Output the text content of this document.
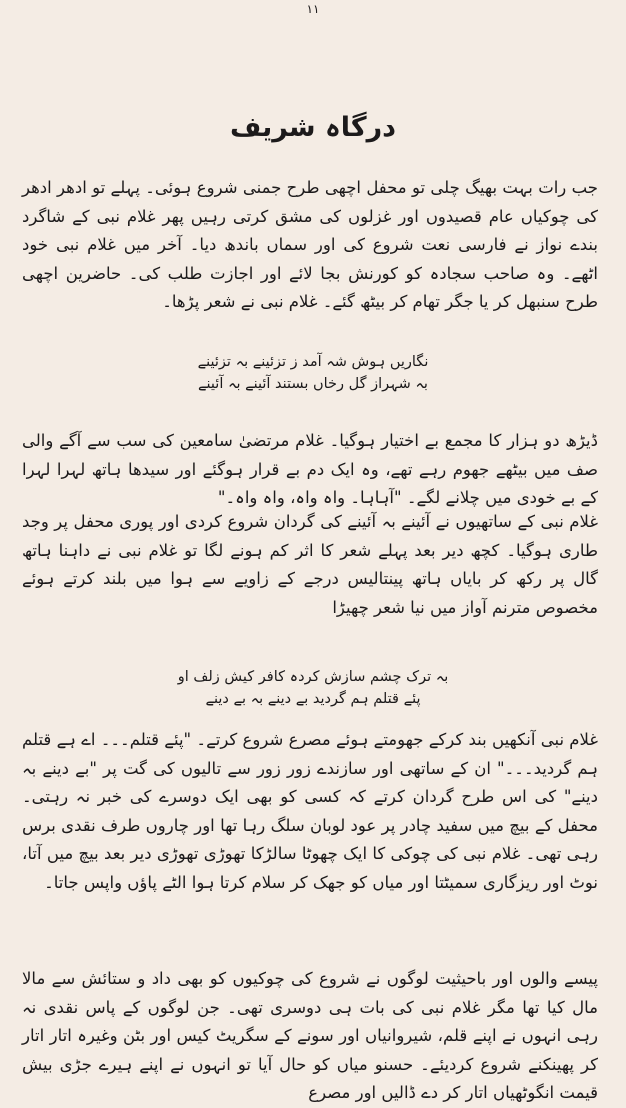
۱۱
درگاہ شریف

جب رات بہت بھیگ چلی تو محفل اچھی طرح جمنی شروع ہوئی۔ پہلے تو ادھر ادھر کی چوکیاں عام قصیدوں اور غزلوں کی مشق کرتی رہیں پھر غلام نبی کے شاگرد بندے نواز نے فارسی نعت شروع کی اور سماں باندھ دیا۔ آخر میں غلام نبی خود اٹھے۔ وہ صاحب سجادہ کو کورنش بجا لائے اور اجازت طلب کی۔ حاضرین اچھی طرح سنبھل کر یا جگر تھام کر بیٹھ گئے۔ غلام نبی نے شعر پڑھا۔

نگاریں ہوش شہ آمد ز تزئینے بہ تزئینے
بہ شہراز گل رخاں بستند آئینے بہ آئینے

ڈیڑھ دو ہزار کا مجمع بے اختیار ہوگیا۔ غلام مرتضیٰ سامعین کی سب سے آگے والی صف میں بیٹھے جھوم رہے تھے، وہ ایک دم بے قرار ہوگئے اور سیدھا ہاتھ لہرا لہرا کے بے خودی میں چلانے لگے۔ "آہاہا۔ واہ واہ، واہ واہ۔"

غلام نبی کے ساتھیوں نے آئینے بہ آئینے کی گردان شروع کردی اور پوری محفل پر وجد طاری ہوگیا۔ کچھ دیر بعد پہلے شعر کا اثر کم ہونے لگا تو غلام نبی نے داہنا ہاتھ گال پر رکھ کر بایاں ہاتھ پینتالیس درجے کے زاویے سے ہوا میں بلند کرتے ہوئے مخصوص مترنم آواز میں نیا شعر چھیڑا

بہ ترک چشم سازش کردہ کافر کیش زلف او
پئے قتلم ہم گردید بے دینے بہ بے دینے

غلام نبی آنکھیں بند کرکے جھومتے ہوئے مصرع شروع کرتے۔ "پئے قتلم۔۔۔ اے ہے قتلم ہم گردید۔۔۔" ان کے ساتھی اور سازندے زور زور سے تالیوں کی گت پر "بے دینے بہ دینے" کی اس طرح گردان کرتے کہ کسی کو بھی ایک دوسرے کی خبر نہ رہتی۔ محفل کے بیچ میں سفید چادر پر عود لوبان سلگ رہا تھا اور چاروں طرف نقدی برس رہی تھی۔ غلام نبی کی چوکی کا ایک چھوٹا سالڑکا تھوڑی تھوڑی دیر بعد بیچ میں آتا، نوٹ اور ریزگاری سمیٹتا اور میاں کو جھک کر سلام کرتا ہوا الٹے پاؤں واپس جاتا۔

پیسے والوں اور باحیثیت لوگوں نے شروع کی چوکیوں کو بھی داد و ستائش سے مالا مال کیا تھا مگر غلام نبی کی بات ہی دوسری تھی۔ جن لوگوں کے پاس نقدی نہ رہی انہوں نے اپنے قلم، شیروانیاں اور سونے کے سگریٹ کیس اور بٹن وغیرہ اتار اتار کر پھینکنے شروع کردیئے۔ حسنو میاں کو حال آیا تو انہوں نے اپنے ہیرے جڑی بیش قیمت انگوٹھیاں اتار کر دے ڈالیں اور مصرع
